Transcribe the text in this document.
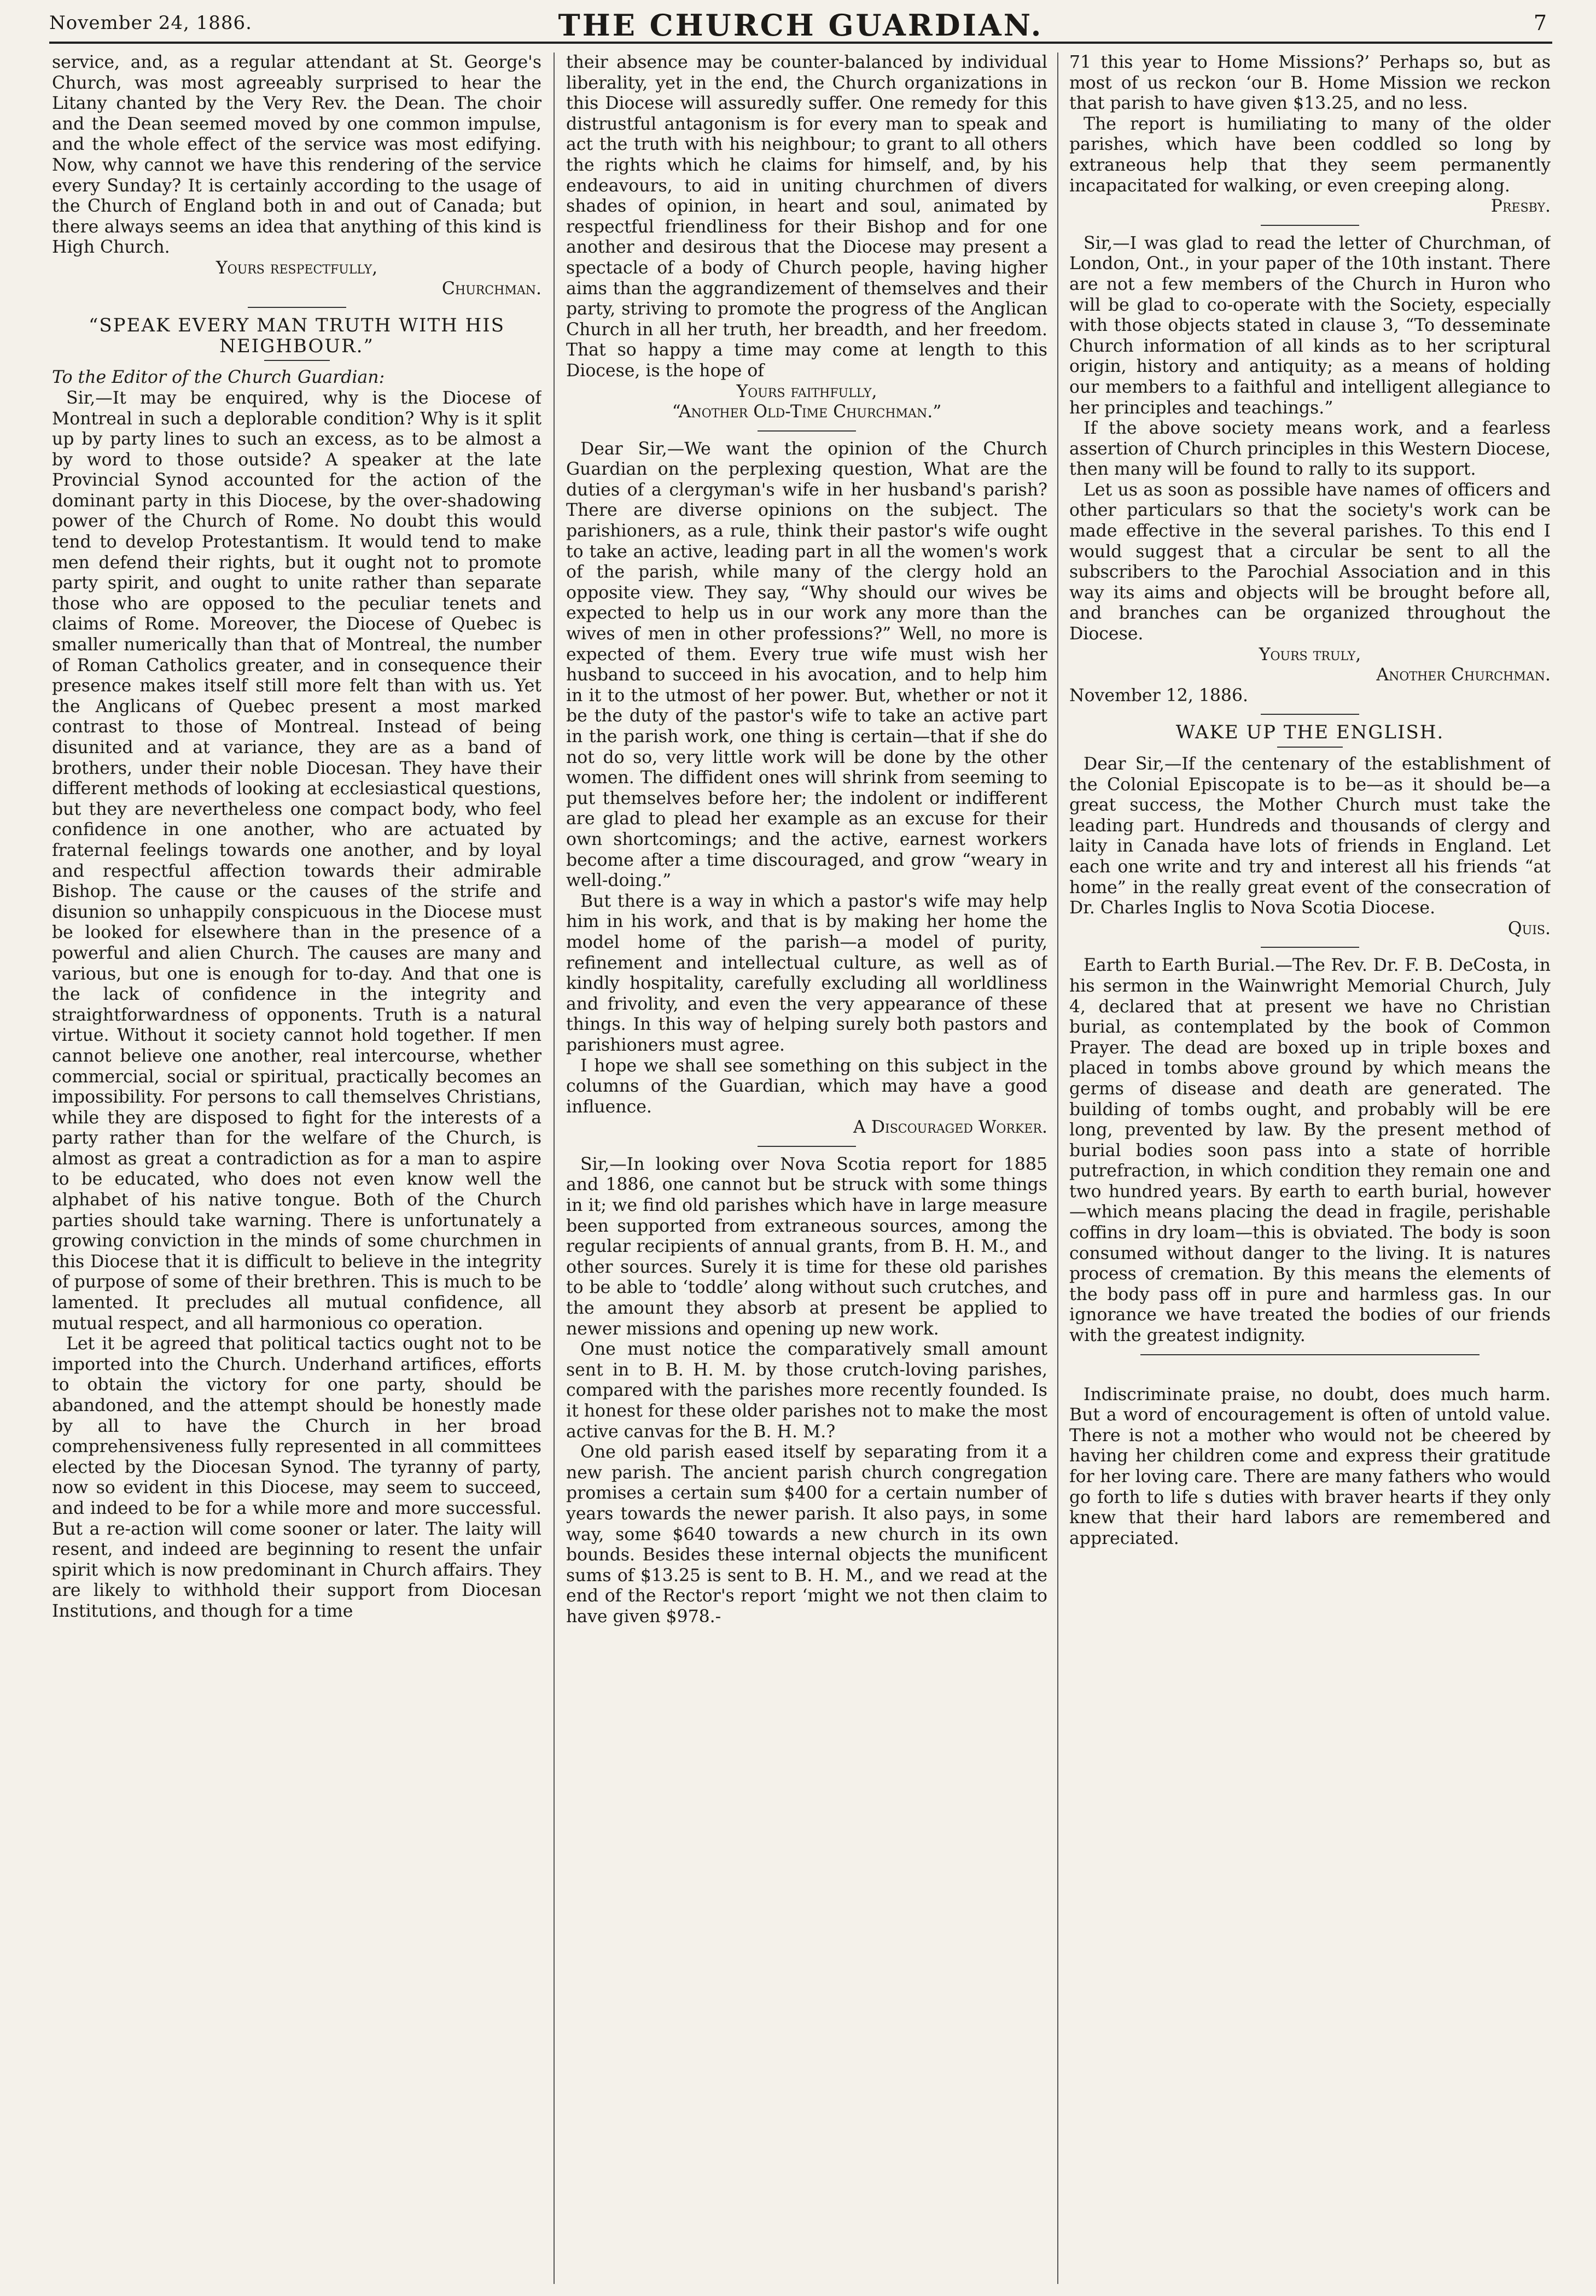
November 24, 1886.	THE CHURCH GUARDIAN.	7

service, and, as a regular attendant at St. George's Church, was most agreeably surprised to hear the Litany chanted by the Very Rev. the Dean. The choir and the Dean seemed moved by one common impulse, and the whole effect of the service was most edifying. Now, why cannot we have this rendering of the service every Sunday? It is certainly according to the usage of the Church of England both in and out of Canada; but there always seems an idea that anything of this kind is High Church.

Yours respectfully,

Churchman.

“SPEAK EVERY MAN TRUTH WITH HIS NEIGHBOUR.”

To the Editor of the Church Guardian:

Sir,—It may be enquired, why is the Diocese of Montreal in such a deplorable condition? Why is it split up by party lines to such an excess, as to be almost a by word to those outside? A speaker at the late Provincial Synod accounted for the action of the dominant party in this Diocese, by the over-shadowing power of the Church of Rome. No doubt this would tend to develop Protestantism. It would tend to make men defend their rights, but it ought not to promote party spirit, and ought to unite rather than separate those who are opposed to the peculiar tenets and claims of Rome. Moreover, the Diocese of Quebec is smaller numerically than that of Montreal, the number of Roman Catholics greater, and in consequence their presence makes itself still more felt than with us. Yet the Anglicans of Quebec present a most marked contrast to those of Montreal. Instead of being disunited and at variance, they are as a band of brothers, under their noble Diocesan. They have their different methods of looking at ecclesiastical questions, but they are nevertheless one compact body, who feel confidence in one another, who are actuated by fraternal feelings towards one another, and by loyal and respectful affection towards their admirable Bishop. The cause or the causes of the strife and disunion so unhappily conspicuous in the Diocese must be looked for elsewhere than in the presence of a powerful and alien Church. The causes are many and various, but one is enough for to-day. And that one is the lack of confidence in the integrity and straightforwardness of opponents. Truth is a natural virtue. Without it society cannot hold together. If men cannot believe one another, real intercourse, whether commercial, social or spiritual, practically becomes an impossibility. For persons to call themselves Christians, while they are disposed to fight for the interests of a party rather than for the welfare of the Church, is almost as great a contradiction as for a man to aspire to be educated, who does not even know well the alphabet of his native tongue. Both of the Church parties should take warning. There is unfortunately a growing conviction in the minds of some churchmen in this Diocese that it is difficult to believe in the integrity of purpose of some of their brethren. This is much to be lamented. It precludes all mutual confidence, all mutual respect, and all harmonious co operation.

Let it be agreed that political tactics ought not to be imported into the Church. Underhand artifices, efforts to obtain the victory for one party, should be abandoned, and the attempt should be honestly made by all to have the Church in her broad comprehensiveness fully represented in all committees elected by the Diocesan Synod. The tyranny of party, now so evident in this Diocese, may seem to succeed, and indeed to be for a while more and more successful. But a re-action will come sooner or later. The laity will resent, and indeed are beginning to resent the unfair spirit which is now predominant in Church affairs. They are likely to withhold their support from Diocesan Institutions, and though for a time

their absence may be counter-balanced by individual liberality, yet in the end, the Church organizations in this Diocese will assuredly suffer. One remedy for this distrustful antagonism is for every man to speak and act the truth with his neighbour; to grant to all others the rights which he claims for himself, and, by his endeavours, to aid in uniting churchmen of divers shades of opinion, in heart and soul, animated by respectful friendliness for their Bishop and for one another and desirous that the Diocese may present a spectacle of a body of Church people, having higher aims than the aggrandizement of themselves and their party, striving to promote the progress of the Anglican Church in all her truth, her breadth, and her freedom. That so happy a time may come at length to this Diocese, is the hope of

Yours faithfully,

“Another Old-Time Churchman.”

Dear Sir,—We want the opinion of the Church Guardian on the perplexing question, What are the duties of a clergyman's wife in her husband's parish? There are diverse opinions on the subject. The parishioners, as a rule, think their pastor's wife ought to take an active, leading part in all the women's work of the parish, while many of the clergy hold an opposite view. They say, “Why should our wives be expected to help us in our work any more than the wives of men in other professions?” Well, no more is expected of them. Every true wife must wish her husband to succeed in his avocation, and to help him in it to the utmost of her power. But, whether or not it be the duty of the pastor's wife to take an active part in the parish work, one thing is certain—that if she do not do so, very little work will be done by the other women. The diffident ones will shrink from seeming to put themselves before her; the indolent or indifferent are glad to plead her example as an excuse for their own shortcomings; and the active, earnest workers become after a time discouraged, and grow “weary in well-doing.”

But there is a way in which a pastor's wife may help him in his work, and that is by making her home the model home of the parish—a model of purity, refinement and intellectual culture, as well as of kindly hospitality, carefully excluding all worldliness and frivolity, and even the very appearance of these things. In this way of helping surely both pastors and parishioners must agree.

I hope we shall see something on this subject in the columns of the Guardian, which may have a good influence.

A Discouraged Worker.

Sir,—In looking over Nova Scotia report for 1885 and 1886, one cannot but be struck with some things in it; we find old parishes which have in large measure been supported from extraneous sources, among the regular recipients of annual grants, from B. H. M., and other sources. Surely it is time for these old parishes to be able to ‘toddle’ along without such crutches, and the amount they absorb at present be applied to newer missions and opening up new work.

One must notice the comparatively small amount sent in to B. H. M. by those crutch-loving parishes, compared with the parishes more recently founded. Is it honest for these older parishes not to make the most active canvas for the B. H. M.?

One old parish eased itself by separating from it a new parish. The ancient parish church congregation promises a certain sum $400 for a certain number of years towards the newer parish. It also pays, in some way, some $640 towards a new church in its own bounds. Besides these internal objects the munificent sums of $13.25 is sent to B. H. M., and we read at the end of the Rector's report ‘might we not then claim to have given $978.-

71 this year to Home Missions?’ Perhaps so, but as most of us reckon ‘our B. Home Mission we reckon that parish to have given $13.25, and no less.

The report is humiliating to many of the older parishes, which have been coddled so long by extraneous help that they seem permanently incapacitated for walking, or even creeping along.

Presby.

Sir,—I was glad to read the letter of Churchman, of London, Ont., in your paper of the 10th instant. There are not a few members of the Church in Huron who will be glad to co-operate with the Society, especially with those objects stated in clause 3, “To desseminate Church information of all kinds as to her scriptural origin, history and antiquity; as a means of holding our members to a faithful and intelligent allegiance to her principles and teachings.”

If the above society means work, and a fearless assertion of Church principles in this Western Diocese, then many will be found to rally to its support.

Let us as soon as possible have names of officers and other particulars so that the society's work can be made effective in the several parishes. To this end I would suggest that a circular be sent to all the subscribers to the Parochial Association and in this way its aims and objects will be brought before all, and branches can be organized throughout the Diocese.

Yours truly,

Another Churchman.

November 12, 1886.

WAKE UP THE ENGLISH.

Dear Sir,—If the centenary of the establishment of the Colonial Episcopate is to be—as it should be—a great success, the Mother Church must take the leading part. Hundreds and thousands of clergy and laity in Canada have lots of friends in England. Let each one write and try and interest all his friends “at home” in the really great event of the consecration of Dr. Charles Inglis to Nova Scotia Diocese.

Quis.

Earth to Earth Burial.—The Rev. Dr. F. B. DeCosta, in his sermon in the Wainwright Memorial Church, July 4, declared that at present we have no Christian burial, as contemplated by the book of Common Prayer. The dead are boxed up in triple boxes and placed in tombs above ground by which means the germs of disease and death are generated. The building of tombs ought, and probably will be ere long, prevented by law. By the present method of burial bodies soon pass into a state of horrible putrefraction, in which condition they remain one and two hundred years. By earth to earth burial, however—which means placing the dead in fragile, perishable coffins in dry loam—this is obviated. The body is soon consumed without danger to the living. It is natures process of cremation. By this means the elements of the body pass off in pure and harmless gas. In our ignorance we have treated the bodies of our friends with the greatest indignity.

Indiscriminate praise, no doubt, does much harm. But a word of encouragement is often of untold value. There is not a mother who would not be cheered by having her children come and express their gratitude for her loving care. There are many fathers who would go forth to life s duties with braver hearts if they only knew that their hard labors are remembered and appreciated.
